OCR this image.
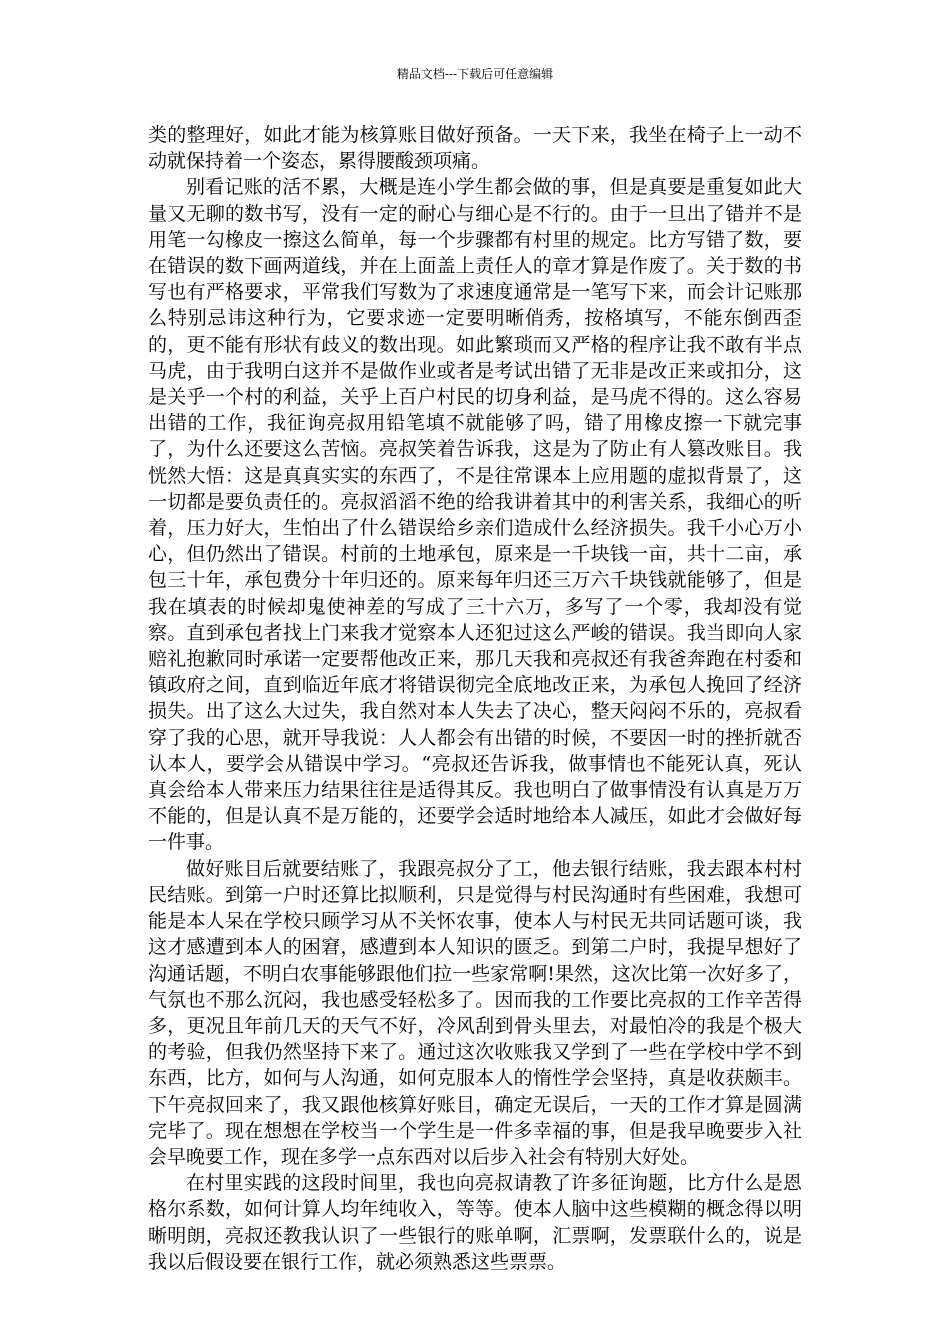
精品文档---下载后可任意编辑

类的整理好，如此才能为核算账目做好预备。一天下来，我坐在椅子上一动不动就保持着一个姿态，累得腰酸颈项痛。

别看记账的活不累，大概是连小学生都会做的事，但是真要是重复如此大量又无聊的数书写，没有一定的耐心与细心是不行的。由于一旦出了错并不是用笔一勾橡皮一擦这么简单，每一个步骤都有村里的规定。比方写错了数，要在错误的数下画两道线，并在上面盖上责任人的章才算是作废了。关于数的书写也有严格要求，平常我们写数为了求速度通常是一笔写下来，而会计记账那么特别忌讳这种行为，它要求迹一定要明晰俏秀，按格填写，不能东倒西歪的，更不能有形状有歧义的数出现。如此繁琐而又严格的程序让我不敢有半点马虎，由于我明白这并不是做作业或者是考试出错了无非是改正来或扣分，这是关乎一个村的利益，关乎上百户村民的切身利益，是马虎不得的。这么容易出错的工作，我征询亮叔用铅笔填不就能够了吗，错了用橡皮擦一下就完事了，为什么还要这么苦恼。亮叔笑着告诉我，这是为了防止有人篡改账目。我恍然大悟：这是真真实实的东西了，不是往常课本上应用题的虚拟背景了，这一切都是要负责任的。亮叔滔滔不绝的给我讲着其中的利害关系，我细心的听着，压力好大，生怕出了什么错误给乡亲们造成什么经济损失。我千小心万小心，但仍然出了错误。村前的土地承包，原来是一千块钱一亩，共十二亩，承包三十年，承包费分十年归还的。原来每年归还三万六千块钱就能够了，但是我在填表的时候却鬼使神差的写成了三十六万，多写了一个零，我却没有觉察。直到承包者找上门来我才觉察本人还犯过这么严峻的错误。我当即向人家赔礼抱歉同时承诺一定要帮他改正来，那几天我和亮叔还有我爸奔跑在村委和镇政府之间，直到临近年底才将错误彻完全底地改正来，为承包人挽回了经济损失。出了这么大过失，我自然对本人失去了决心，整天闷闷不乐的，亮叔看穿了我的心思，就开导我说：人人都会有出错的时候，不要因一时的挫折就否认本人，要学会从错误中学习。“亮叔还告诉我，做事情也不能死认真，死认真会给本人带来压力结果往往是适得其反。我也明白了做事情没有认真是万万不能的，但是认真不是万能的，还要学会适时地给本人减压，如此才会做好每一件事。

做好账目后就要结账了，我跟亮叔分了工，他去银行结账，我去跟本村村民结账。到第一户时还算比拟顺利，只是觉得与村民沟通时有些困难，我想可能是本人呆在学校只顾学习从不关怀农事，使本人与村民无共同话题可谈，我这才感遭到本人的困窘，感遭到本人知识的匮乏。到第二户时，我提早想好了沟通话题，不明白农事能够跟他们拉一些家常啊!果然，这次比第一次好多了，气氛也不那么沉闷，我也感受轻松多了。因而我的工作要比亮叔的工作辛苦得多，更况且年前几天的天气不好，冷风刮到骨头里去，对最怕冷的我是个极大的考验，但我仍然坚持下来了。通过这次收账我又学到了一些在学校中学不到东西，比方，如何与人沟通，如何克服本人的惰性学会坚持，真是收获颇丰。下午亮叔回来了，我又跟他核算好账目，确定无误后，一天的工作才算是圆满完毕了。现在想想在学校当一个学生是一件多幸福的事，但是我早晚要步入社会早晚要工作，现在多学一点东西对以后步入社会有特别大好处。

在村里实践的这段时间里，我也向亮叔请教了许多征询题，比方什么是恩格尔系数，如何计算人均年纯收入，等等。使本人脑中这些模糊的概念得以明晰明朗，亮叔还教我认识了一些银行的账单啊，汇票啊，发票联什么的，说是我以后假设要在银行工作，就必须熟悉这些票票。
